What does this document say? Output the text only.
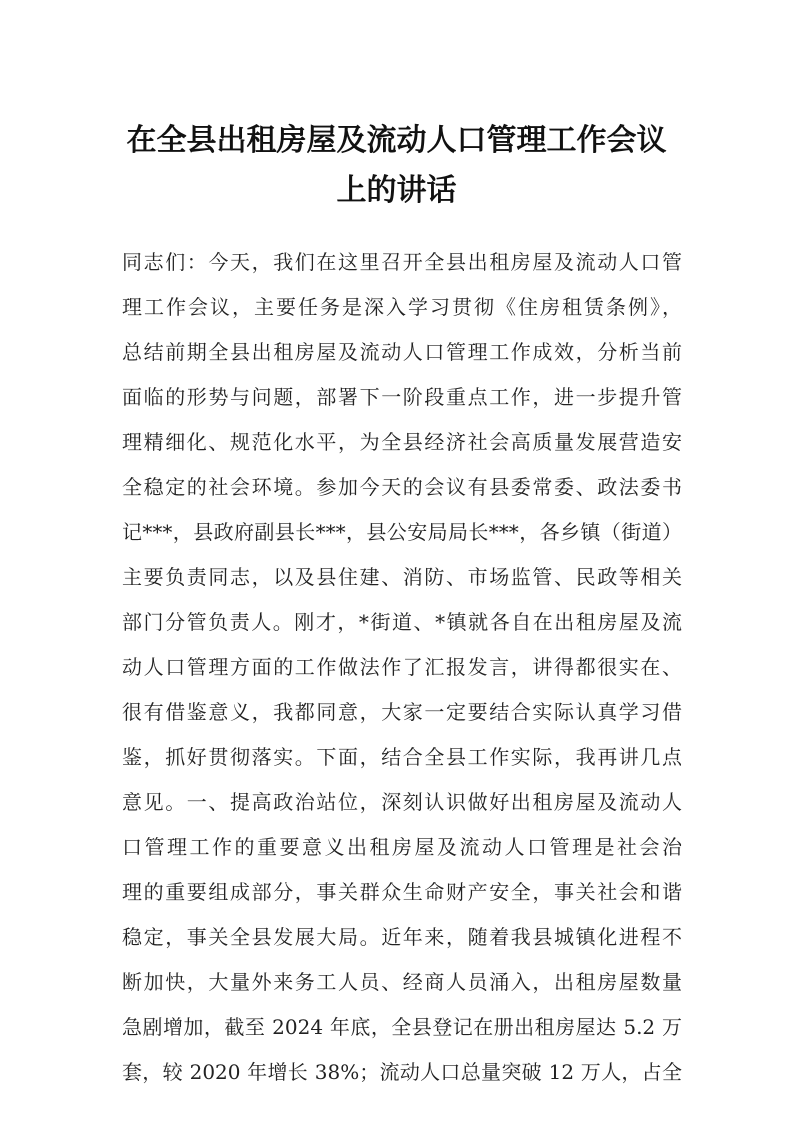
在全县出租房屋及流动人口管理工作会议
上的讲话
同志们：今天，我们在这里召开全县出租房屋及流动人口管
理工作会议，主要任务是深入学习贯彻《住房租赁条例》，
总结前期全县出租房屋及流动人口管理工作成效，分析当前
面临的形势与问题，部署下一阶段重点工作，进一步提升管
理精细化、规范化水平，为全县经济社会高质量发展营造安
全稳定的社会环境。参加今天的会议有县委常委、政法委书
记***，县政府副县长***，县公安局局长***，各乡镇（街道）
主要负责同志，以及县住建、消防、市场监管、民政等相关
部门分管负责人。刚才，*街道、*镇就各自在出租房屋及流
动人口管理方面的工作做法作了汇报发言，讲得都很实在、
很有借鉴意义，我都同意，大家一定要结合实际认真学习借
鉴，抓好贯彻落实。下面，结合全县工作实际，我再讲几点
意见。一、提高政治站位，深刻认识做好出租房屋及流动人
口管理工作的重要意义出租房屋及流动人口管理是社会治
理的重要组成部分，事关群众生命财产安全，事关社会和谐
稳定，事关全县发展大局。近年来，随着我县城镇化进程不
断加快，大量外来务工人员、经商人员涌入，出租房屋数量
急剧增加，截至 2024 年底，全县登记在册出租房屋达 5.2 万
套，较 2020 年增长 38%；流动人口总量突破 12 万人，占全
